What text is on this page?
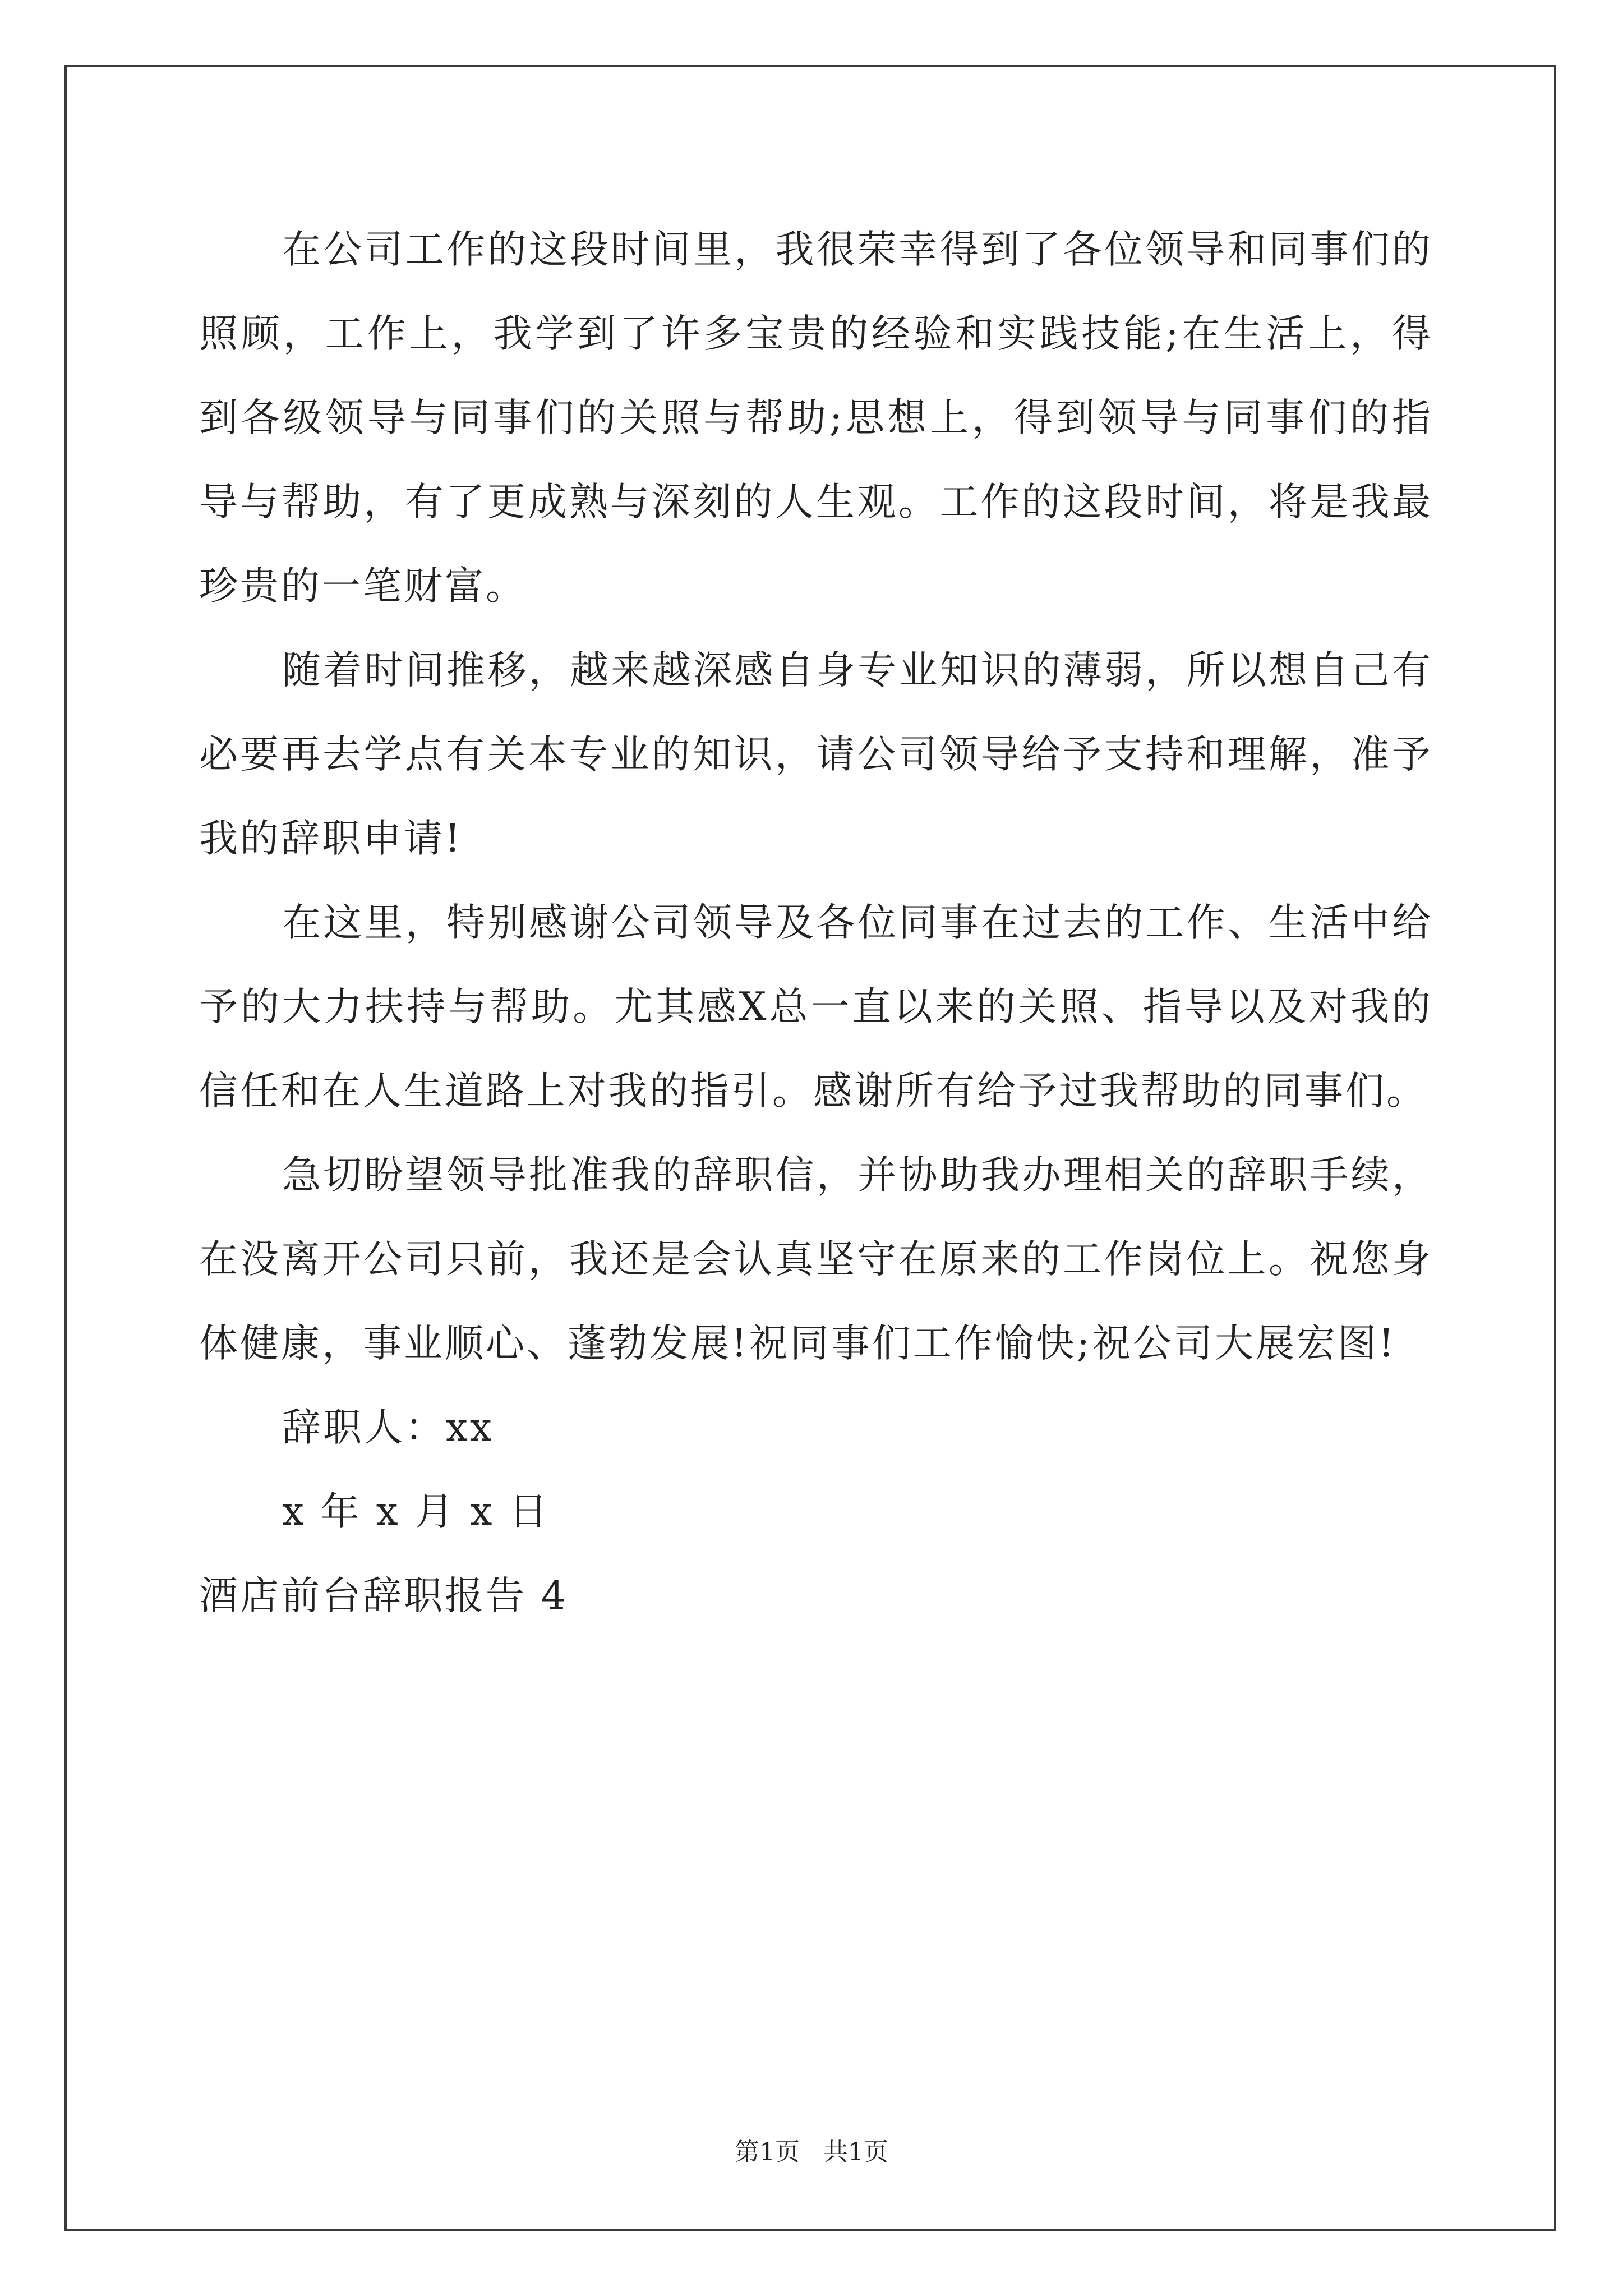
在公司工作的这段时间里，我很荣幸得到了各位领导和同事们的照顾，工作上，我学到了许多宝贵的经验和实践技能;在生活上，得到各级领导与同事们的关照与帮助;思想上，得到领导与同事们的指导与帮助，有了更成熟与深刻的人生观。工作的这段时间，将是我最珍贵的一笔财富。

随着时间推移，越来越深感自身专业知识的薄弱，所以想自己有必要再去学点有关本专业的知识，请公司领导给予支持和理解，准予我的辞职申请!

在这里，特别感谢公司领导及各位同事在过去的工作、生活中给予的大力扶持与帮助。尤其感X总一直以来的关照、指导以及对我的信任和在人生道路上对我的指引。感谢所有给予过我帮助的同事们。

急切盼望领导批准我的辞职信，并协助我办理相关的辞职手续，在没离开公司只前，我还是会认真坚守在原来的工作岗位上。祝您身体健康，事业顺心、蓬勃发展!祝同事们工作愉快;祝公司大展宏图!

辞职人：xx

x 年 x 月 x 日

酒店前台辞职报告 4

第1页   共1页
